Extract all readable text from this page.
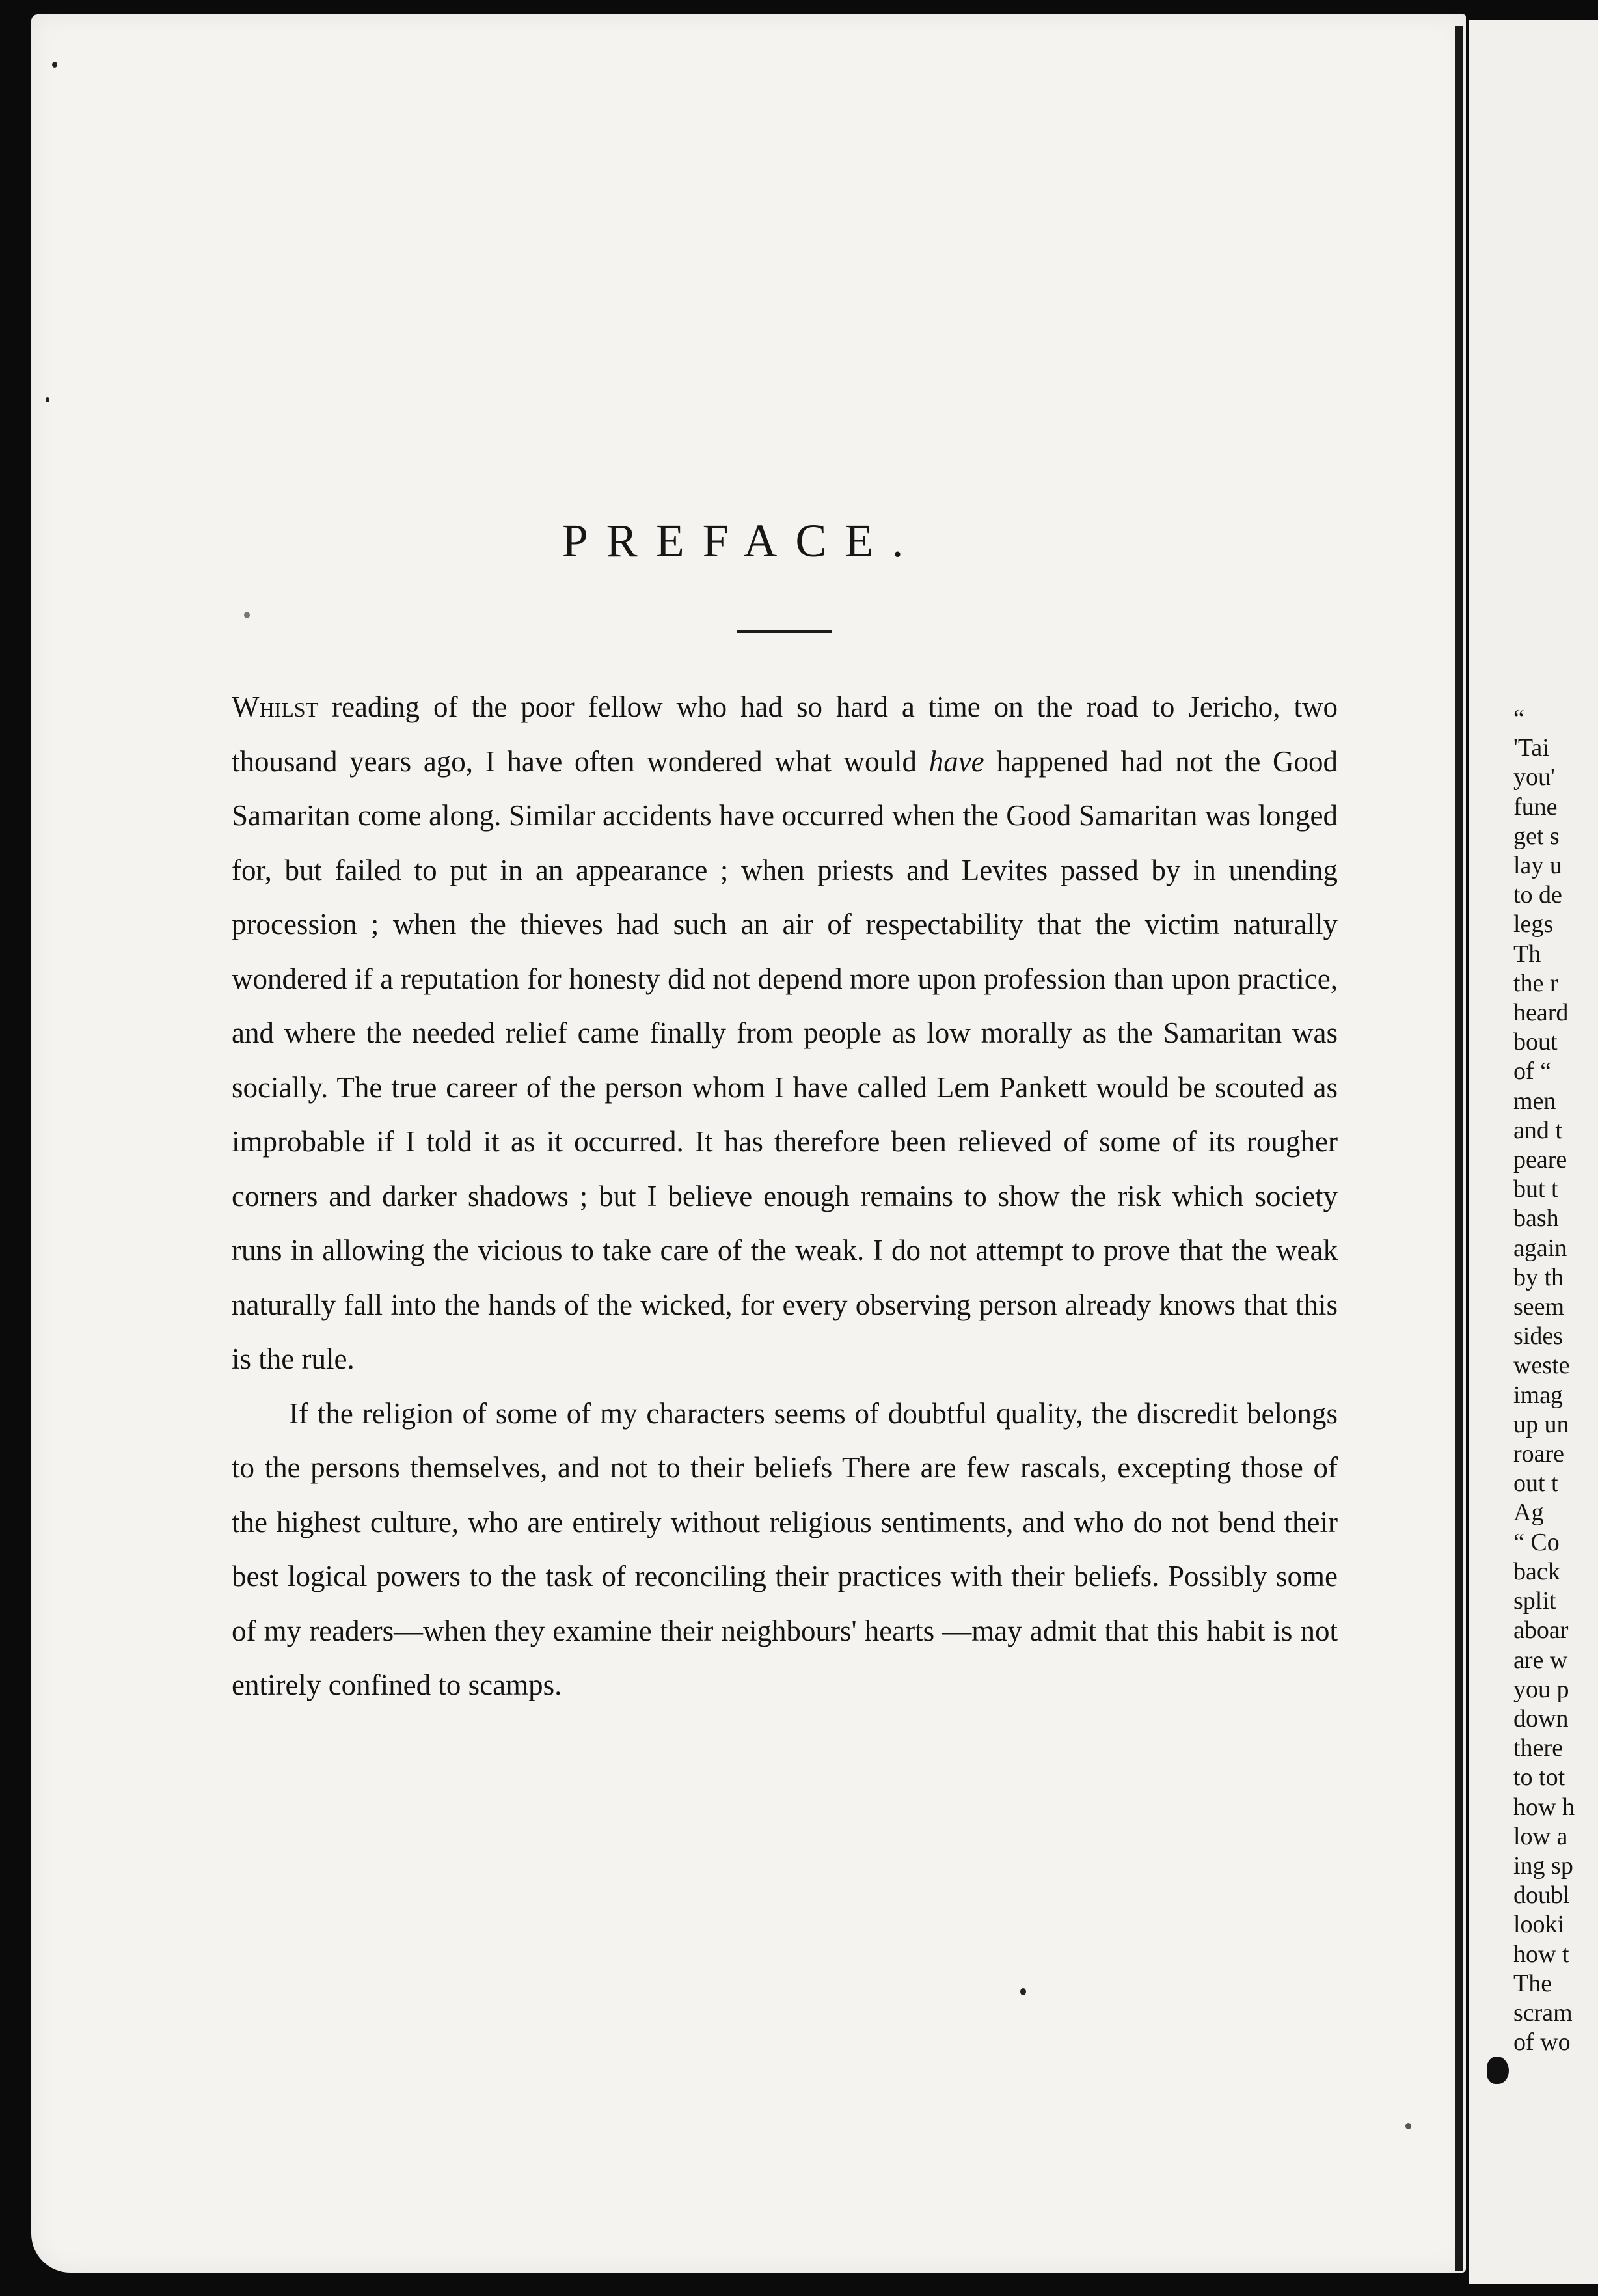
PREFACE.

Whilst reading of the poor fellow who had so hard a time on the road to Jericho, two thousand years ago, I have often wondered what would have happened had not the Good Samaritan come along. Similar accidents have occurred when the Good Samaritan was longed for, but failed to put in an appearance ; when priests and Levites passed by in unending procession ; when the thieves had such an air of respectability that the victim naturally wondered if a reputation for honesty did not depend more upon profession than upon practice, and where the needed relief came finally from people as low morally as the Samaritan was socially. The true career of the person whom I have called Lem Pankett would be scouted as improbable if I told it as it occurred. It has therefore been relieved of some of its rougher corners and darker shadows ; but I believe enough remains to show the risk which society runs in allowing the vicious to take care of the weak. I do not attempt to prove that the weak naturally fall into the hands of the wicked, for every observing person already knows that this is the rule.

If the religion of some of my characters seems of doubtful quality, the discredit belongs to the persons themselves, and not to their beliefs There are few rascals, excepting those of the highest culture, who are entirely without religious sentiments, and who do not bend their best logical powers to the task of reconciling their practices with their beliefs. Possibly some of my readers—when they examine their neighbours' hearts —may admit that this habit is not entirely confined to scamps.

“
'Tai
you'
fune
get s
lay u
to de
legs
Th
the r
heard
bout
of “
men
and t
peare
but t
bash
again
by th
seem
sides
weste
imag
up un
roare
out t
Ag
“ Co
back
split
aboar
are w
you p
down
there
to tot
how h
low a
ing sp
doubl
looki
how t
The
scram
of wo
